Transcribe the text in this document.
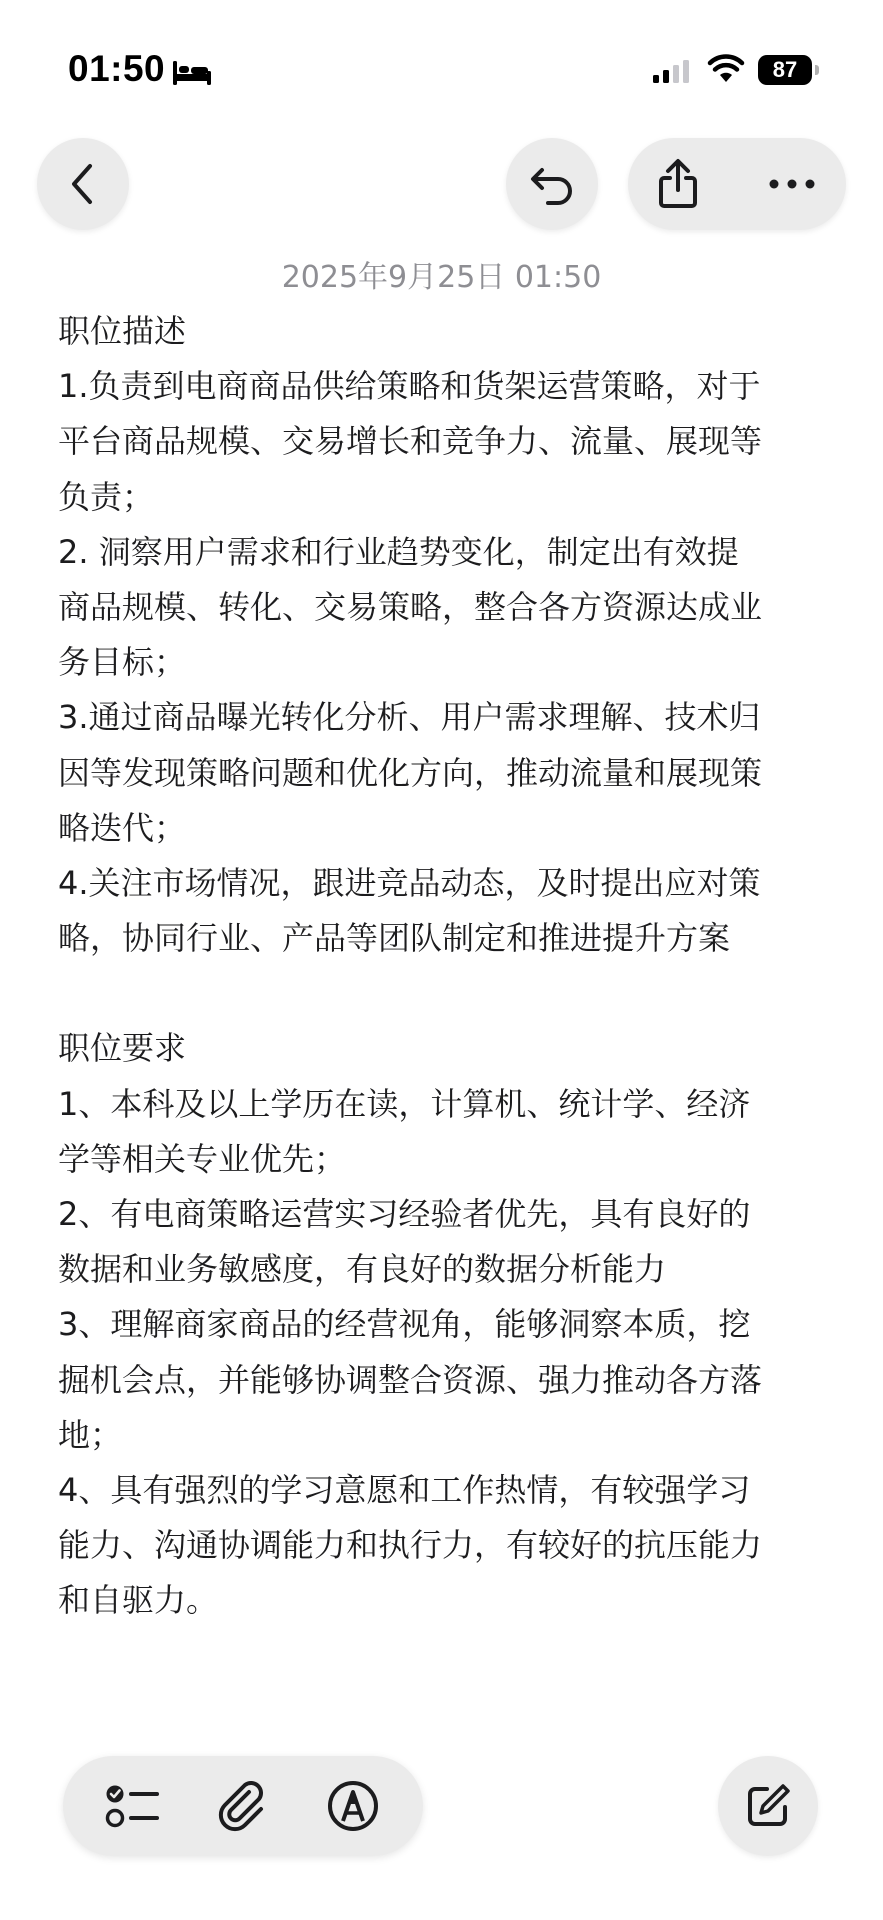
01:50	87
2025年9月25日 01:50
职位描述
1.负责到电商商品供给策略和货架运营策略，对于
平台商品规模、交易增长和竞争力、流量、展现等
负责；
2. 洞察用户需求和行业趋势变化，制定出有效提
商品规模、转化、交易策略，整合各方资源达成业
务目标；
3.通过商品曝光转化分析、用户需求理解、技术归
因等发现策略问题和优化方向，推动流量和展现策
略迭代；
4.关注市场情况，跟进竞品动态，及时提出应对策
略，协同行业、产品等团队制定和推进提升方案
职位要求
1、本科及以上学历在读，计算机、统计学、经济
学等相关专业优先；
2、有电商策略运营实习经验者优先，具有良好的
数据和业务敏感度，有良好的数据分析能力
3、理解商家商品的经营视角，能够洞察本质，挖
掘机会点，并能够协调整合资源、强力推动各方落
地；
4、具有强烈的学习意愿和工作热情，有较强学习
能力、沟通协调能力和执行力，有较好的抗压能力
和自驱力。
